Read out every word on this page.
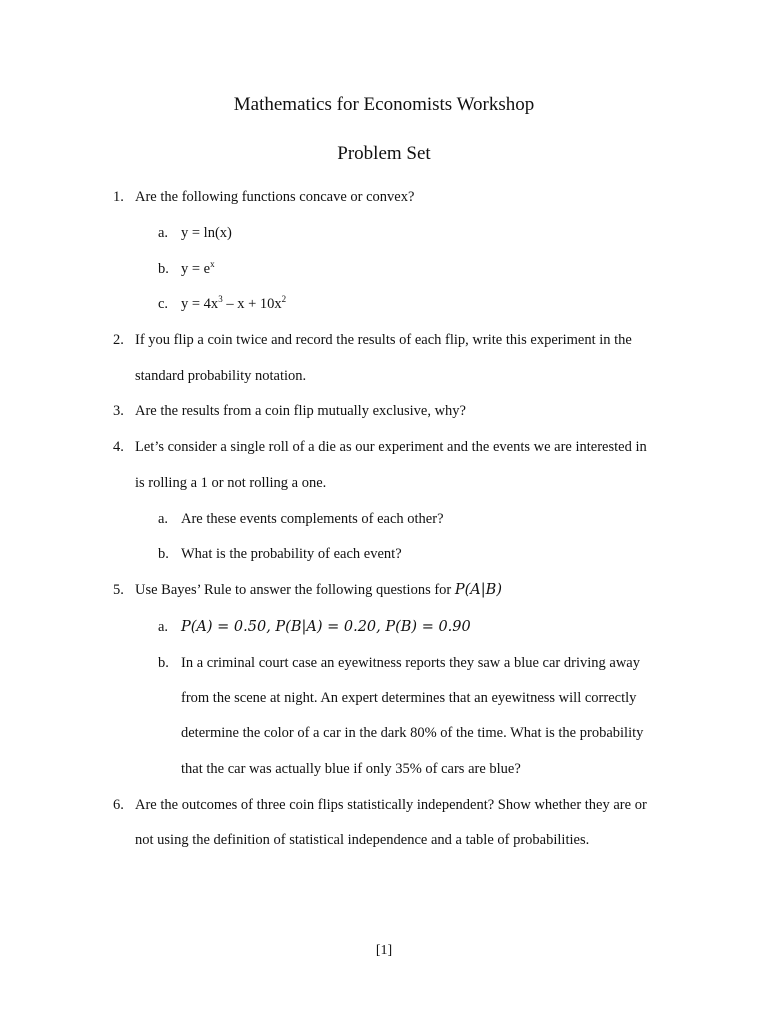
Mathematics for Economists Workshop
Problem Set
1. Are the following functions concave or convex?
a. y = ln(x)
b. $y = e^x$
c. $y = 4x^3 - x + 10x^2$
2. If you flip a coin twice and record the results of each flip, write this experiment in the
standard probability notation.
3. Are the results from a coin flip mutually exclusive, why?
4. Let’s consider a single roll of a die as our experiment and the events we are interested in
is rolling a 1 or not rolling a one.
a. Are these events complements of each other?
b. What is the probability of each event?
5. Use Bayes’ Rule to answer the following questions for P(A|B)
a. P(A) = 0.50, P(B|A) = 0.20, P(B) = 0.90
b. In a criminal court case an eyewitness reports they saw a blue car driving away
from the scene at night. An expert determines that an eyewitness will correctly
determine the color of a car in the dark 80% of the time. What is the probability
that the car was actually blue if only 35% of cars are blue?
6. Are the outcomes of three coin flips statistically independent? Show whether they are or
not using the definition of statistical independence and a table of probabilities.
[1]
